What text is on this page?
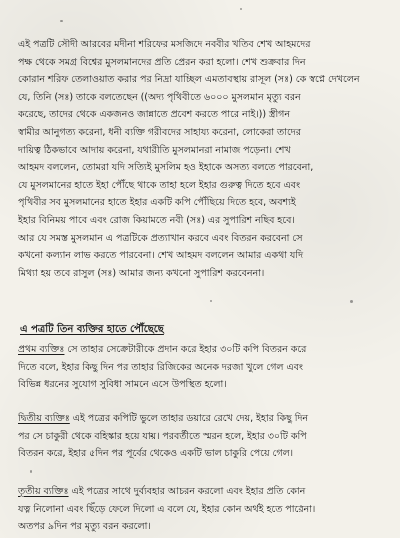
এই পত্রটি সৌদী আরবের মদীনা শরিফের মসজিদে নববীর খতিব শেখ আহমদের
পক্ষ থেকে সমগ্র বিশ্বের মুসলমানদের প্রতি প্রেরন করা হলো। শেখ শুক্রবার দিন
কোরান শরিফ তেলাওয়াত করার পর নিদ্রা যাচ্ছিল এমতাবস্থায় রাসূল (সঃ) কে স্বপ্নে দেখলেন
যে, তিনি (সঃ) তাকে বলতেছেন ((অদ্য পৃথিবীতে ৬০০০ মুসলমান মৃত্যু বরন
করেছে, তাদের থেকে একজনও জান্নাতে প্রবেশ করতে পারে নাই।)) স্ত্রীগন
স্বামীর আনুগত্য করেনা, ধনী ব্যক্তি গরীবদের সাহায্য করেনা, লোকেরা তাদের
দায়িত্ব ঠিকভাবে আদায় করেনা, যথারীতি মুসলমানরা নামাজ পড়েনা। শেখ
আহমদ বললেন, তোমরা যদি সত্যিই মুসলিম হও ইহাকে অসত্য বলতে পারবেনা,
যে মুসলমানের হাতে ইহা পৌঁছে থাকে তাহা হলে ইহার গুরুত্ব দিতে হবে এবং
পৃথিবীর সব মুসলমানের হাতে ইহার একটি কপি পৌঁছিয়ে দিতে হবে, অবশ্যই
ইহার বিনিময় পাবে এবং রোজ কিয়ামতে নবী (সঃ) এর সুপারিশ নছিব হবে।
আর যে সমস্ত মুসলমান এ পত্রটিকে প্রত্যাখান করবে এবং বিতরন করবেনা সে
কখনো কল্যান লাভ করতে পারবেনা। শেখ আহমদ বললেন আমার একথা যদি
মিথ্যা হয় তবে রাসুল (সঃ) আমার জন্য কখনো সুপারিশ করবেননা।
এ পত্রটি তিন ব্যক্তির হাতে পৌঁছেছে
প্রথম ব্যক্তিঃ সে তাহার সেক্রেটারীকে প্রদান করে ইহার ৩০টি কপি বিতরন করে
দিতে বলে, ইহার কিছু দিন পর তাহার রিজিকের অনেক দরজা খুলে গেল এবং
বিভিন্ন ধরনের সুযোগ সুবিধা সামনে এসে উপস্থিত হলো।
দ্বিতীয় ব্যক্তিঃ এই পত্রের কপিটি ভুলে তাহার ডয়ারে রেখে দেয়, ইহার কিছু দিন
পর সে চাকুরী থেকে বহিস্কার হয়ে যায়। পরবর্তীতে স্মরন হলে, ইহার ৩০টি কপি
বিতরন করে, ইহার ৫দিন পর পূর্বের থেকেও একটি ভাল চাকুরি পেয়ে গেল।
তৃতীয় ব্যক্তিঃ এই পত্রের সাথে দুর্ব্যবহার আচরন করলো এবং ইহার প্রতি কোন
যত্ন নিলোনা এবং ছিঁড়ে ফেলে দিলো এ বলে যে, ইহার কোন অর্থই হতে পারেনা।
অতপর ৯দিন পর মৃত্যু বরন করলো।
